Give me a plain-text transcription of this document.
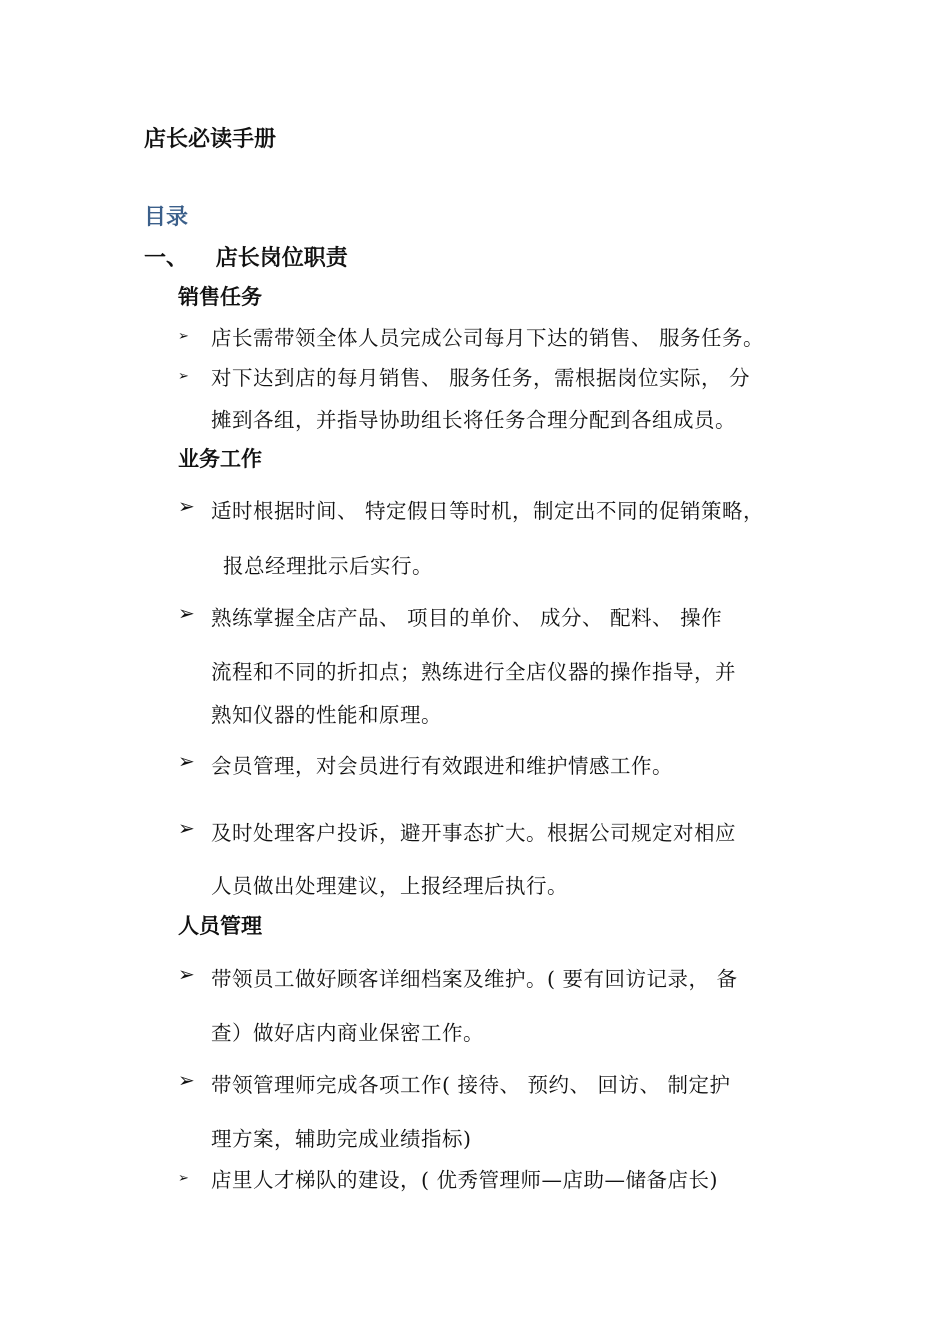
店长必读手册
目录
一、 店长岗位职责
销售任务
➢ 店长需带领全体人员完成公司每月下达的销售、 服务任务。
➢ 对下达到店的每月销售、 服务任务，需根据岗位实际， 分
摊到各组，并指导协助组长将任务合理分配到各组成员。
业务工作
➢ 适时根据时间、 特定假日等时机，制定出不同的促销策略，
报总经理批示后实行。
➢ 熟练掌握全店产品、 项目的单价、 成分、 配料、 操作
流程和不同的折扣点；熟练进行全店仪器的操作指导，并
熟知仪器的性能和原理。
➢ 会员管理，对会员进行有效跟进和维护情感工作。
➢ 及时处理客户投诉，避开事态扩大。根据公司规定对相应
人员做出处理建议，上报经理后执行。
人员管理
➢ 带领员工做好顾客详细档案及维护。( 要有回访记录， 备
查）做好店内商业保密工作。
➢ 带领管理师完成各项工作( 接待、 预约、 回访、 制定护
理方案，辅助完成业绩指标)
➢ 店里人才梯队的建设，( 优秀管理师—店助—储备店长)
